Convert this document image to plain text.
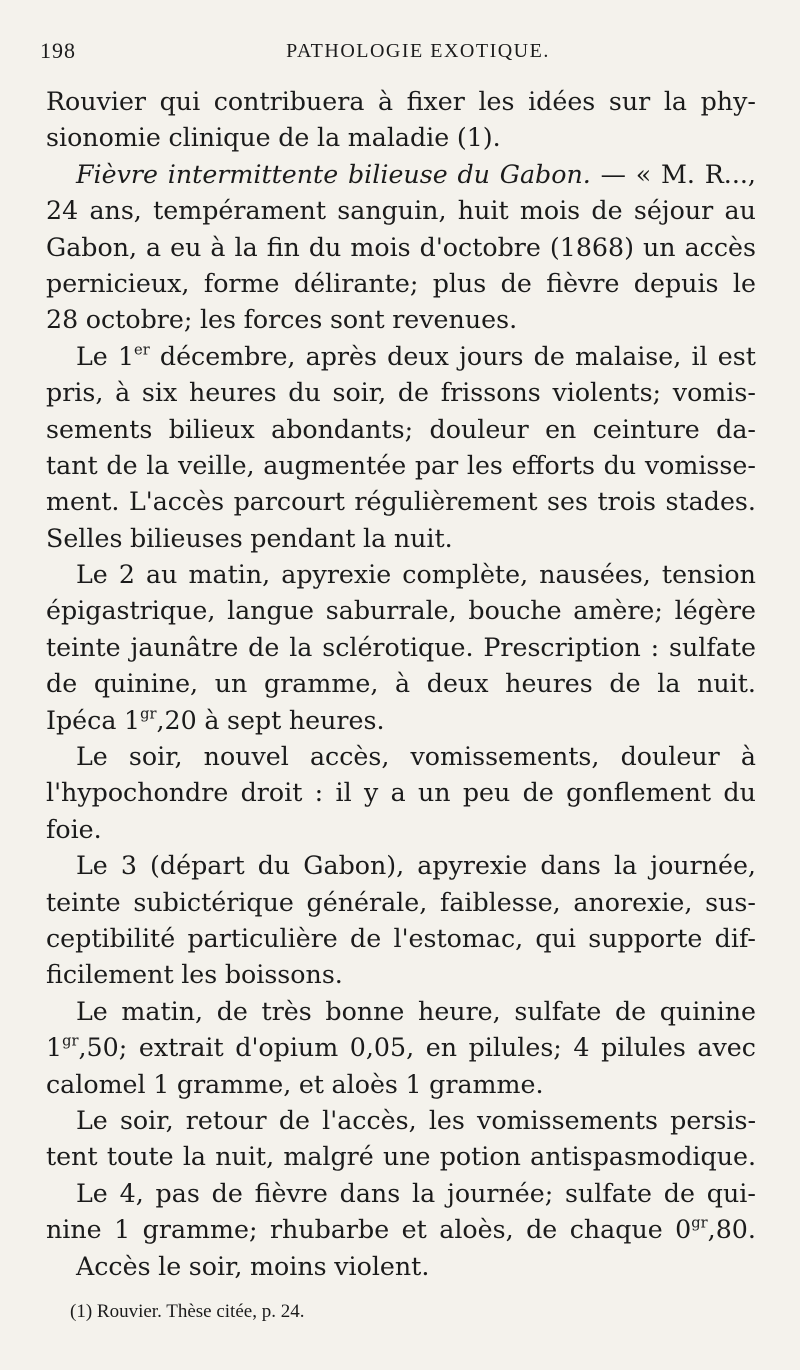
198	PATHOLOGIE EXOTIQUE.
Rouvier qui contribuera à fixer les idées sur la phy-
sionomie clinique de la maladie (1).
Fièvre intermittente bilieuse du Gabon. — « M. R...,
24 ans, tempérament sanguin, huit mois de séjour au
Gabon, a eu à la fin du mois d'octobre (1868) un accès
pernicieux, forme délirante; plus de fièvre depuis le
28 octobre; les forces sont revenues.
Le 1er décembre, après deux jours de malaise, il est
pris, à six heures du soir, de frissons violents; vomis-
sements bilieux abondants; douleur en ceinture da-
tant de la veille, augmentée par les efforts du vomisse-
ment. L'accès parcourt régulièrement ses trois stades.
Selles bilieuses pendant la nuit.
Le 2 au matin, apyrexie complète, nausées, tension
épigastrique, langue saburrale, bouche amère; légère
teinte jaunâtre de la sclérotique. Prescription : sulfate
de quinine, un gramme, à deux heures de la nuit.
Ipéca $1^{gr},20$ à sept heures.
Le soir, nouvel accès, vomissements, douleur à
l'hypochondre droit : il y a un peu de gonflement du
foie.
Le 3 (départ du Gabon), apyrexie dans la journée,
teinte subictérique générale, faiblesse, anorexie, sus-
ceptibilité particulière de l'estomac, qui supporte dif-
ficilement les boissons.
Le matin, de très bonne heure, sulfate de quinine
$1^{gr},50$; extrait d'opium 0,05, en pilules; 4 pilules avec
calomel 1 gramme, et aloès 1 gramme.
Le soir, retour de l'accès, les vomissements persis-
tent toute la nuit, malgré une potion antispasmodique.
Le 4, pas de fièvre dans la journée; sulfate de qui-
nine 1 gramme; rhubarbe et aloès, de chaque $0^{gr},80$.
Accès le soir, moins violent.
(1) Rouvier. Thèse citée, p. 24.
